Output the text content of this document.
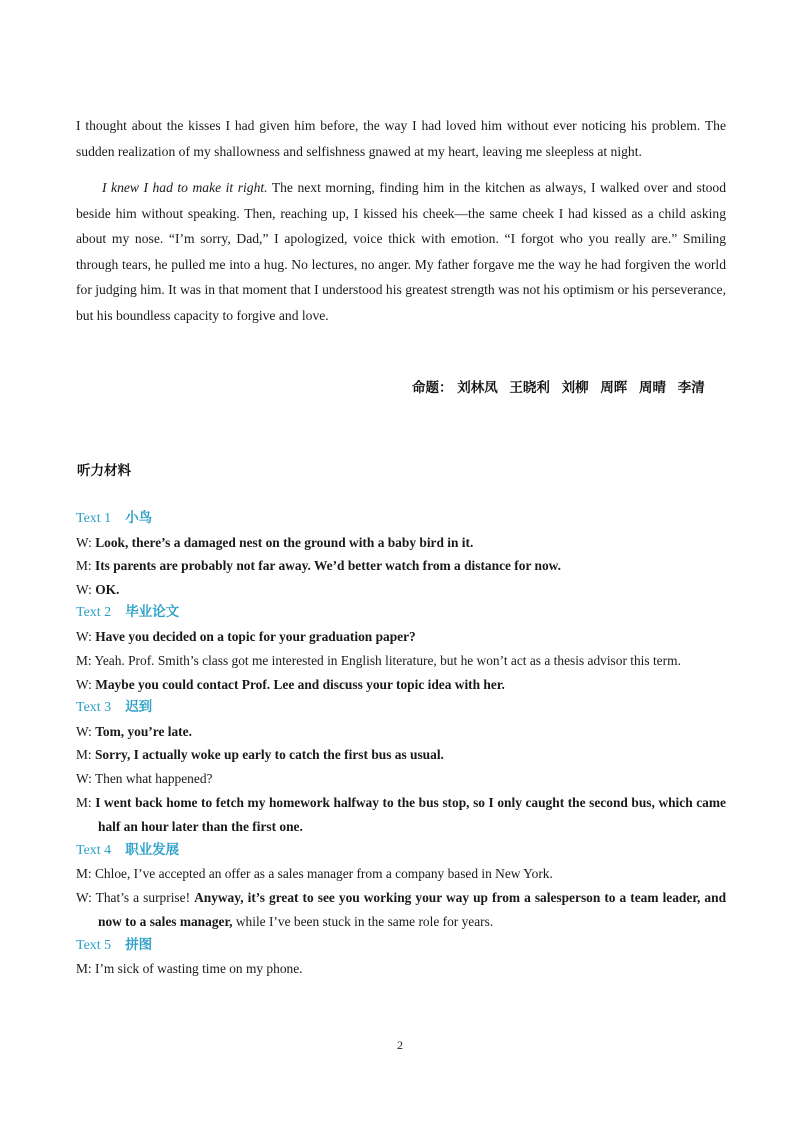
I thought about the kisses I had given him before, the way I had loved him without ever noticing his problem. The sudden realization of my shallowness and selfishness gnawed at my heart, leaving me sleepless at night.

I knew I had to make it right. The next morning, finding him in the kitchen as always, I walked over and stood beside him without speaking. Then, reaching up, I kissed his cheek—the same cheek I had kissed as a child asking about my nose. “I’m sorry, Dad,” I apologized, voice thick with emotion. “I forgot who you really are.” Smiling through tears, he pulled me into a hug. No lectures, no anger. My father forgave me the way he had forgiven the world for judging him. It was in that moment that I understood his greatest strength was not his optimism or his perseverance, but his boundless capacity to forgive and love.

命题： 刘林凤 王晓利 刘柳 周晖 周晴 李清
听力材料
Text 1 小鸟
W: Look, there’s a damaged nest on the ground with a baby bird in it.
M: Its parents are probably not far away. We’d better watch from a distance for now.
W: OK.
Text 2 毕业论文
W: Have you decided on a topic for your graduation paper?
M: Yeah. Prof. Smith’s class got me interested in English literature, but he won’t act as a thesis advisor this term.
W: Maybe you could contact Prof. Lee and discuss your topic idea with her.
Text 3 迟到
W: Tom, you’re late.
M: Sorry, I actually woke up early to catch the first bus as usual.
W: Then what happened?
M: I went back home to fetch my homework halfway to the bus stop, so I only caught the second bus, which came half an hour later than the first one.
Text 4 职业发展
M: Chloe, I’ve accepted an offer as a sales manager from a company based in New York.
W: That’s a surprise! Anyway, it’s great to see you working your way up from a salesperson to a team leader, and now to a sales manager, while I’ve been stuck in the same role for years.
Text 5 拼图
M: I’m sick of wasting time on my phone.
2
